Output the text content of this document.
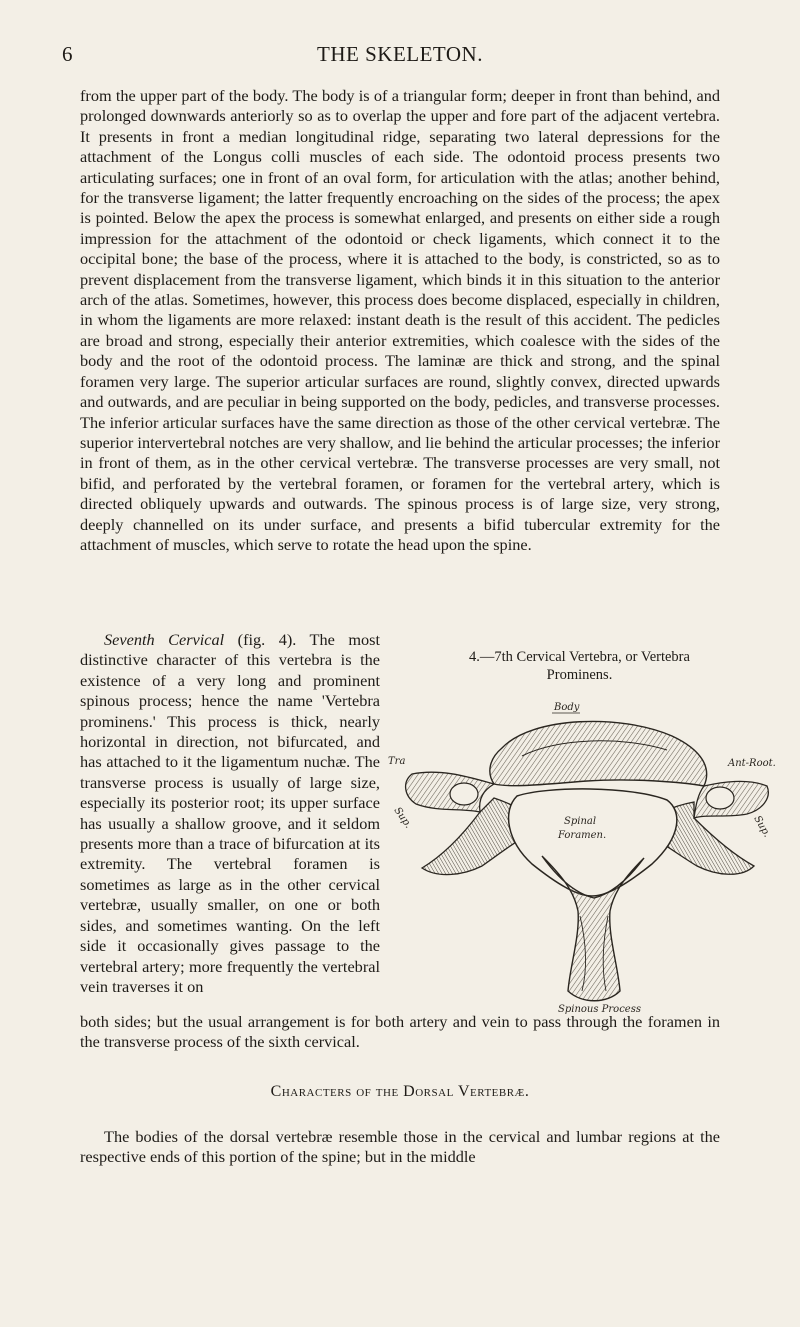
6	THE SKELETON.

from the upper part of the body. The body is of a triangular form; deeper in front than behind, and prolonged downwards anteriorly so as to overlap the upper and fore part of the adjacent vertebra. It presents in front a median longitudinal ridge, separating two lateral depressions for the attachment of the Longus colli muscles of each side. The odontoid process presents two articulating surfaces; one in front of an oval form, for articulation with the atlas; another behind, for the transverse ligament; the latter frequently encroaching on the sides of the process; the apex is pointed. Below the apex the process is somewhat enlarged, and presents on either side a rough impression for the attachment of the odontoid or check ligaments, which connect it to the occipital bone; the base of the process, where it is attached to the body, is constricted, so as to prevent displacement from the transverse ligament, which binds it in this situation to the anterior arch of the atlas. Sometimes, however, this process does become displaced, especially in children, in whom the ligaments are more relaxed: instant death is the result of this accident. The pedicles are broad and strong, especially their anterior extremities, which coalesce with the sides of the body and the root of the odontoid process. The laminæ are thick and strong, and the spinal foramen very large. The superior articular surfaces are round, slightly convex, directed upwards and outwards, and are peculiar in being supported on the body, pedicles, and transverse processes. The inferior articular surfaces have the same direction as those of the other cervical vertebræ. The superior intervertebral notches are very shallow, and lie behind the articular processes; the inferior in front of them, as in the other cervical vertebræ. The transverse processes are very small, not bifid, and perforated by the vertebral foramen, or foramen for the vertebral artery, which is directed obliquely upwards and outwards. The spinous process is of large size, very strong, deeply channelled on its under surface, and presents a bifid tubercular extremity for the attachment of muscles, which serve to rotate the head upon the spine.

Seventh Cervical (fig. 4). The most distinctive character of this vertebra is the existence of a very long and prominent spinous process; hence the name 'Vertebra prominens.' This process is thick, nearly horizontal in direction, not bifurcated, and has attached to it the ligamentum nuchæ. The transverse process is usually of large size, especially its posterior root; its upper surface has usually a shallow groove, and it seldom presents more than a trace of bifurcation at its extremity. The vertebral foramen is sometimes as large as in the other cervical vertebræ, usually smaller, on one or both sides, and sometimes wanting. On the left side it occasionally gives passage to the vertebral artery; more frequently the vertebral vein traverses it on

4.—7th Cervical Vertebra, or Vertebra
Prominens.
Body
Ant-Root.
Tra
Spinal
Foramen.
Sup.	Sup.
Spinous Process

both sides; but the usual arrangement is for both artery and vein to pass through the foramen in the transverse process of the sixth cervical.

Characters of the Dorsal Vertebræ.

The bodies of the dorsal vertebræ resemble those in the cervical and lumbar regions at the respective ends of this portion of the spine; but in the middle
